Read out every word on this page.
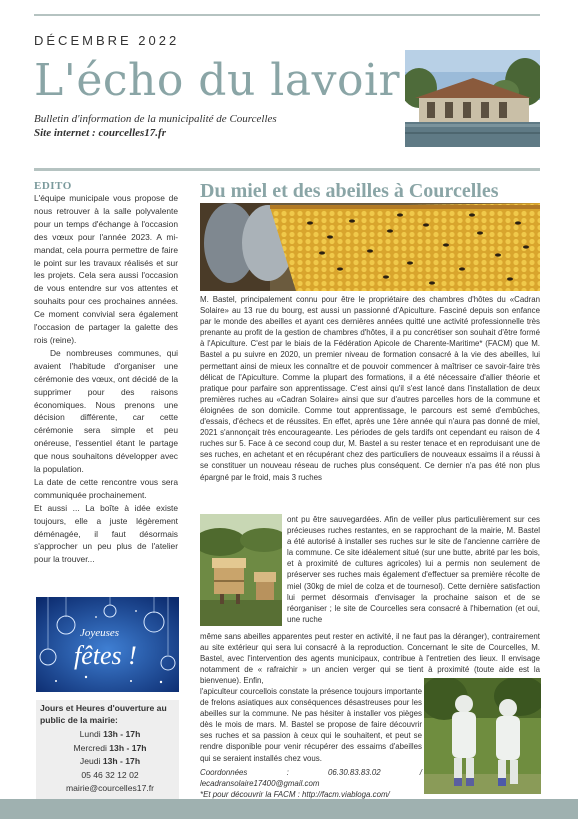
DÉCEMBRE 2022
L'écho du lavoir
Bulletin d'information de la municipalité de Courcelles
Site internet : courcelles17.fr
EDITO

L'équipe municipale vous propose de nous retrouver à la salle polyvalente pour un temps d'échange à l'occasion des vœux pour l'année 2023. A mi-mandat, cela pourra permettre de faire le point sur les travaux réalisés et sur les projets. Cela sera aussi l'occasion de vous entendre sur vos attentes et souhaits pour ces prochaines années. Ce moment convivial sera également l'occasion de partager la galette des rois (reine).

De nombreuses communes, qui avaient l'habitude d'organiser une cérémonie des vœux, ont décidé de la supprimer pour des raisons économiques. Nous prenons une décision différente, car cette cérémonie sera simple et peu onéreuse, l'essentiel étant le partage que nous souhaitons développer avec la population.

La date de cette rencontre vous sera communiquée prochainement.

Et aussi ... La boîte à idée existe toujours, elle a juste légèrement déménagée, il faut désormais s'approcher un peu plus de l'atelier pour la trouver...

Joyeuses
fêtes !
Jours et Heures d'ouverture au public de la mairie:
Lundi 13h - 17h
Mercredi 13h - 17h
Jeudi 13h - 17h
05 46 32 12 02
mairie@courcelles17.fr
Du miel et des abeilles à Courcelles

M. Bastel, principalement connu pour être le propriétaire des chambres d'hôtes du «Cadran Solaire» au 13 rue du bourg, est aussi un passionné d'Apiculture. Fasciné depuis son enfance par le monde des abeilles et ayant ces dernières années quitté une activité professionnelle très prenante au profit de la gestion de chambres d'hôtes, il a pu concrétiser son souhait d'être formé à l'Apiculture. C'est par le biais de la Fédération Apicole de Charente-Maritime* (FACM) que M. Bastel a pu suivre en 2020, un premier niveau de formation consacré à la vie des abeilles, lui permettant ainsi de mieux les connaître et de pouvoir commencer à maîtriser ce savoir-faire très délicat de l'Apiculture. Comme la plupart des formations, il a été nécessaire d'allier théorie et pratique pour parfaire son apprentissage. C'est ainsi qu'il s'est lancé dans l'installation de deux premières ruches au «Cadran Solaire» ainsi que sur d'autres parcelles hors de la commune et éloignées de son domicile. Comme tout apprentissage, le parcours est semé d'embûches, d'essais, d'échecs et de réussites. En effet, après une 1ère année qui n'aura pas donné de miel, 2021 s'annonçait très encourageante. Les périodes de gels tardifs ont cependant eu raison de 4 ruches sur 5. Face à ce second coup dur, M. Bastel a su rester tenace et en reproduisant une de ses ruches, en achetant et en récupérant chez des particuliers de nouveaux essaims il a réussi à se constituer un nouveau réseau de ruches plus conséquent. Ce dernier n'a pas été non plus épargné par le froid, mais 3 ruches

ont pu être sauvegardées. Afin de veiller plus particulièrement sur ces précieuses ruches restantes, en se rapprochant de la mairie, M. Bastel a été autorisé à installer ses ruches sur le site de l'ancienne carrière de la commune. Ce site idéalement situé (sur une butte, abrité par les bois, et à proximité de cultures agricoles) lui a permis non seulement de préserver ses ruches mais également d'effectuer sa première récolte de miel (30kg de miel de colza et de tournesol). Cette dernière satisfaction lui permet désormais d'envisager la prochaine saison et de se réorganiser ; le site de Courcelles sera consacré à l'hibernation (et oui, une ruche

même sans abeilles apparentes peut rester en activité, il ne faut pas la déranger), contrairement au site extérieur qui sera lui consacré à la reproduction. Concernant le site de Courcelles, M. Bastel, avec l'intervention des agents municipaux, contribue à l'entretien des lieux. Il envisage notamment de « rafraichir » un ancien verger qui se tient à proximité (toute aide est la bienvenue). Enfin,

l'apiculteur courcellois constate la présence toujours importante de frelons asiatiques aux conséquences désastreuses pour les abeilles sur la commune. Ne pas hésiter à installer vos pièges dès le mois de mars. M. Bastel se propose de faire découvrir ses ruches et sa passion à ceux qui le souhaitent, et peut se rendre disponible pour venir récupérer des essaims d'abeilles qui se seraient installés chez vous.

Coordonnées : 06.30.83.83.02 / lecadransolaire17400@gmail.com

*Et pour découvrir la FACM : http://facm.viabloga.com/
